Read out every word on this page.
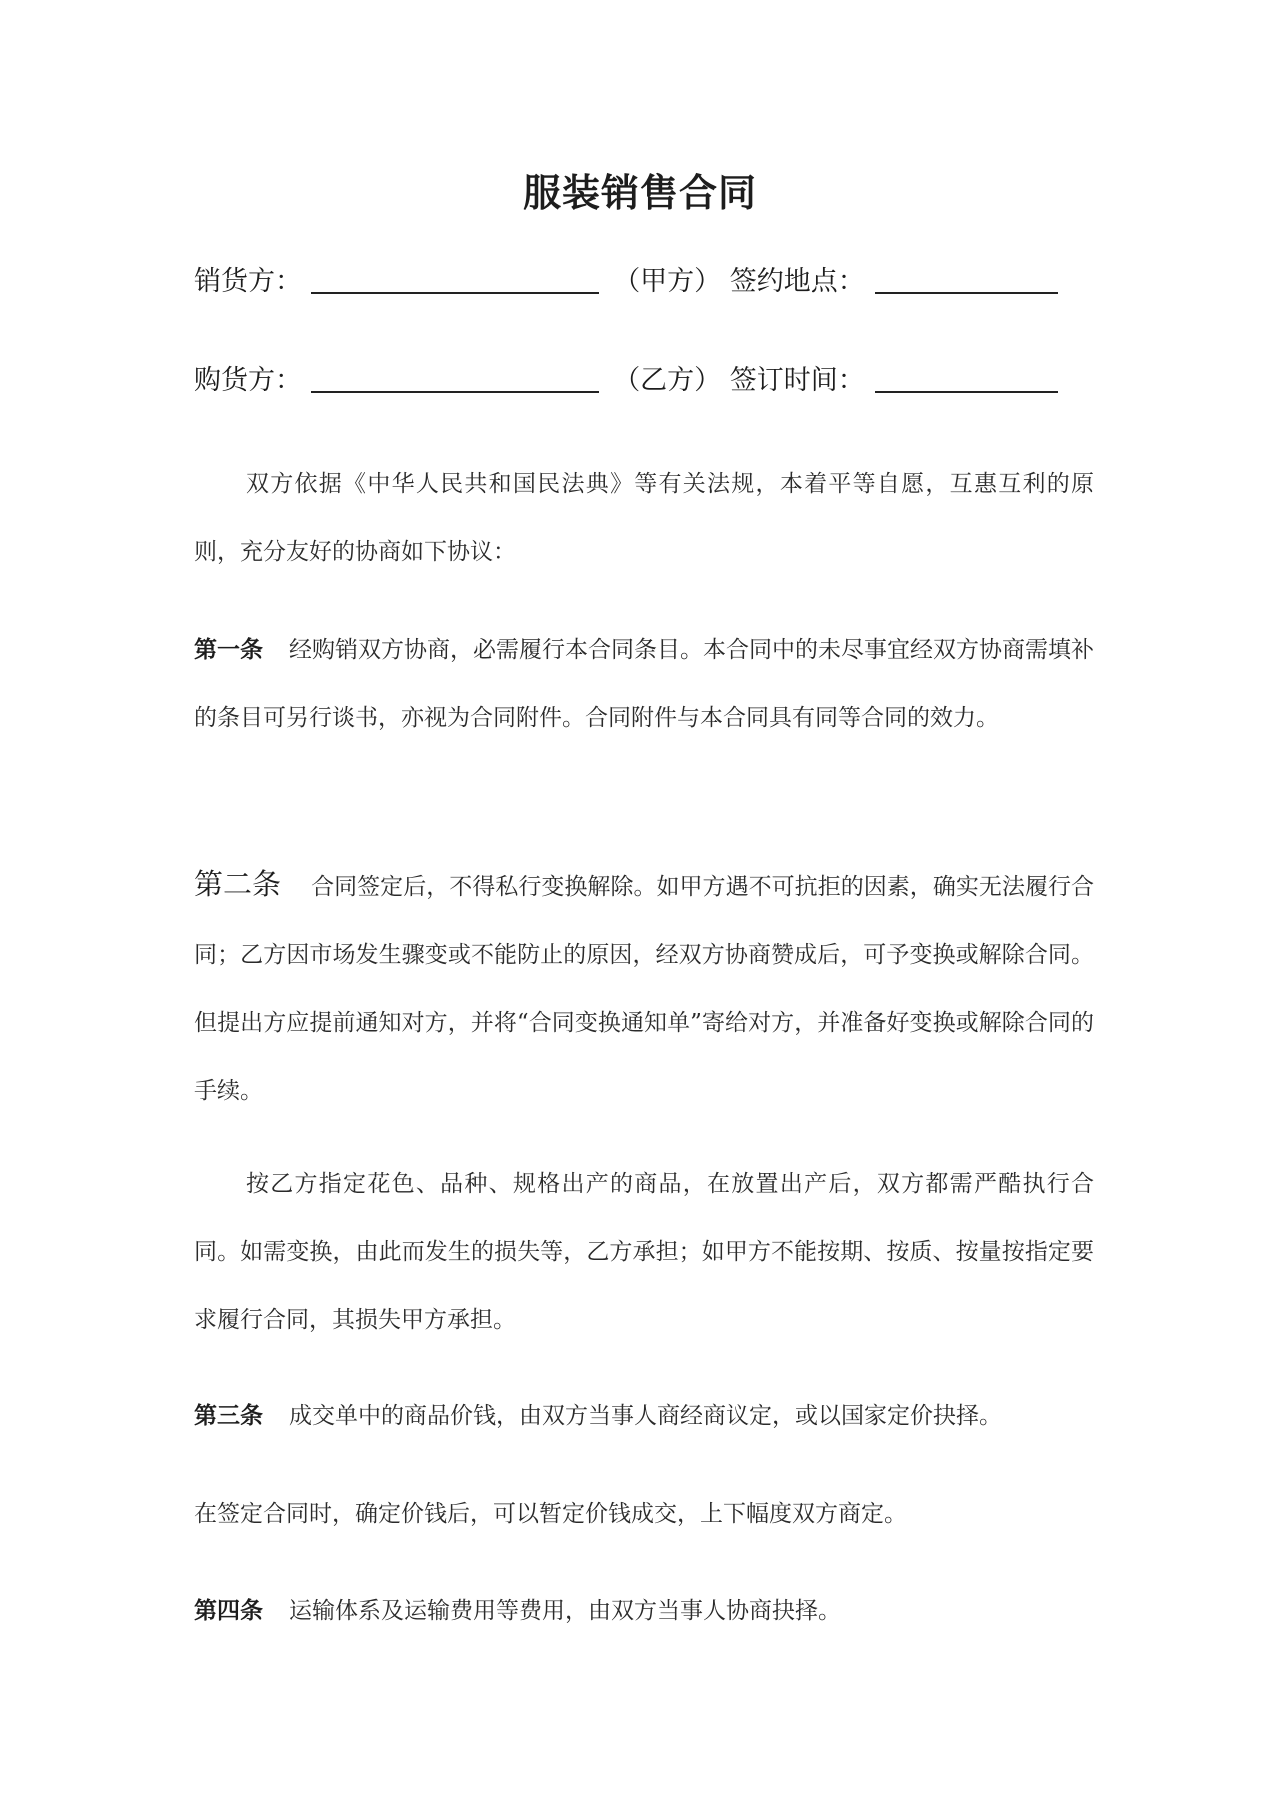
服装销售合同
销货方：	（甲方） 签约地点：
购货方：	（乙方） 签订时间：
双方依据《中华人民共和国民法典》等有关法规，本着平等自愿，互惠互利的原则，充分友好的协商如下协议：
第一条 经购销双方协商，必需履行本合同条目。本合同中的未尽事宜经双方协商需填补的条目可另行谈书，亦视为合同附件。合同附件与本合同具有同等合同的效力。
第二条 合同签定后，不得私行变换解除。如甲方遇不可抗拒的因素，确实无法履行合同；乙方因市场发生骤变或不能防止的原因，经双方协商赞成后，可予变换或解除合同。但提出方应提前通知对方，并将“合同变换通知单”寄给对方，并准备好变换或解除合同的手续。
按乙方指定花色、品种、规格出产的商品，在放置出产后，双方都需严酷执行合同。如需变换，由此而发生的损失等，乙方承担；如甲方不能按期、按质、按量按指定要求履行合同，其损失甲方承担。
第三条 成交单中的商品价钱，由双方当事人商经商议定，或以国家定价抉择。
在签定合同时，确定价钱后，可以暂定价钱成交，上下幅度双方商定。
第四条 运输体系及运输费用等费用，由双方当事人协商抉择。
